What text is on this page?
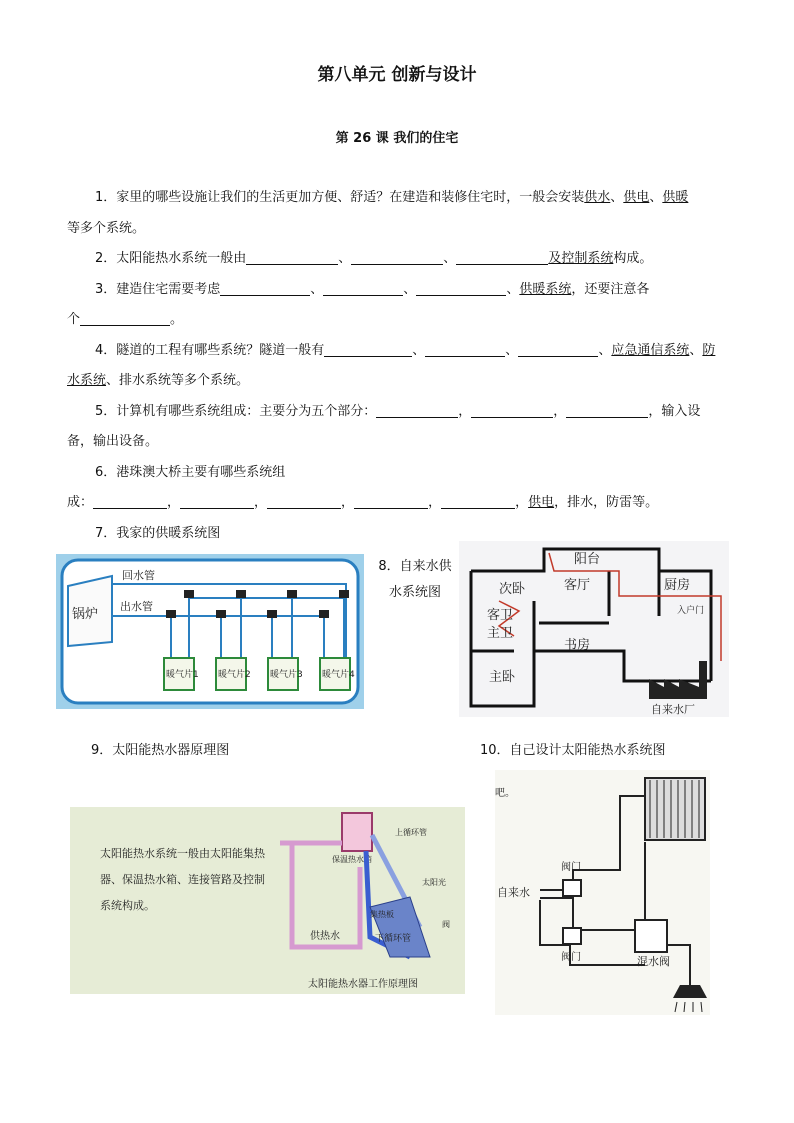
第八单元 创新与设计
第 26 课 我们的住宅

1．家里的哪些设施让我们的生活更加方便、舒适？在建造和装修住宅时，一般会安装供水、供电、供暖

等多个系统。

2．太阳能热水系统一般由	、	、	及控制系统构成。

3．建造住宅需要考虑	、	、	、供暖系统，还要注意各

个	。

4．隧道的工程有哪些系统？隧道一般有	、	、	、应急通信系统、防

水系统、排水系统等多个系统。

5．计算机有哪些系统组成：主要分为五个部分：	，	，	，输入设

备，输出设备。

6．港珠澳大桥主要有哪些系统组

成：	，	，	，	，	，供电，排水，防雷等。

7．我家的供暖系统图

锅炉
回水管
出水管
暖气片1 暖气片2 暖气片3 暖气片4
8．自来水供水系统图
阳台
次卧	客厅	厨房
客卫
主卫
书房
主卧
入户门
自来水厂
9．太阳能热水器原理图	10．自己设计太阳能热水系统图
太阳能热水系统一般由太阳能集热器、保温热水箱、连接管路及控制系统构成。
保温热水箱
集热板
上循环管
太阳光
阀
供热水	下循环管
太阳能热水器工作原理图
吧。
自来水
阀门
阀门	混水阀
